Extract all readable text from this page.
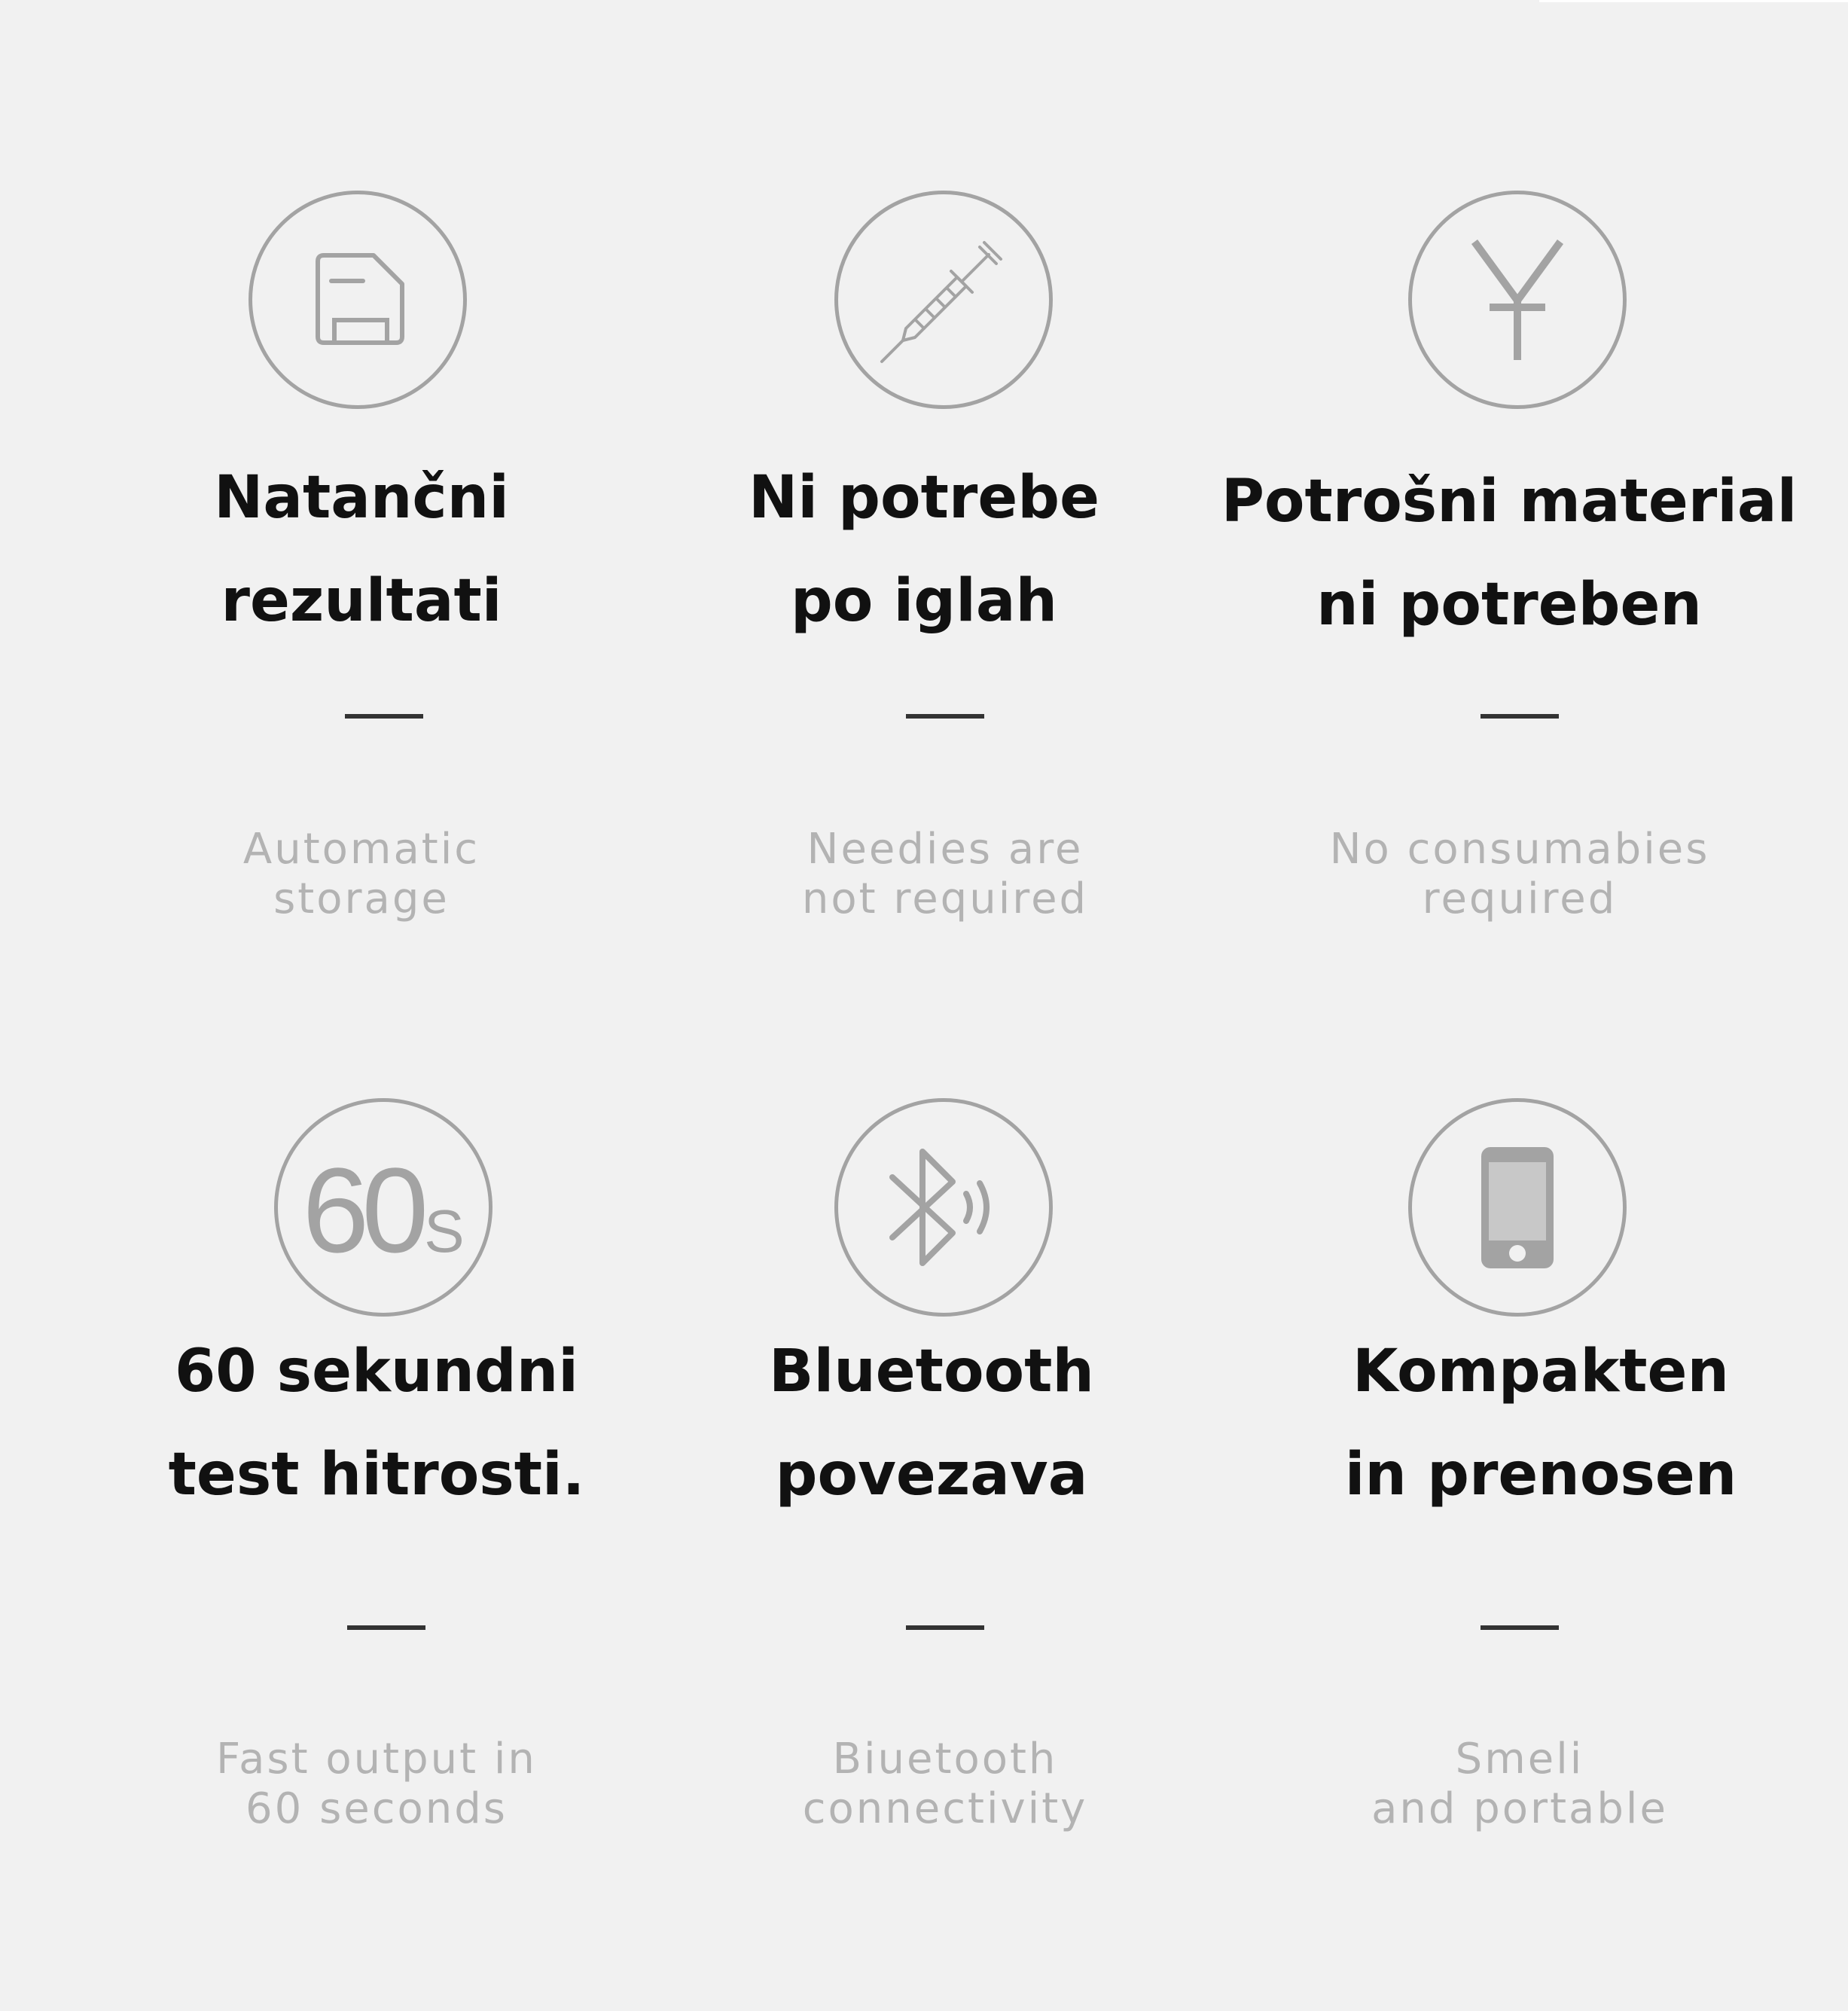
Natančni
rezultati
Automatic
storage
Ni potrebe
po iglah
Needies are
not required
Potrošni material
ni potreben
No consumabies
required
60S
60 sekundni
test hitrosti.
Fast output in
60 seconds
Bluetooth
povezava
Biuetooth
connectivity
Kompakten
in prenosen
Smeli
and portable
